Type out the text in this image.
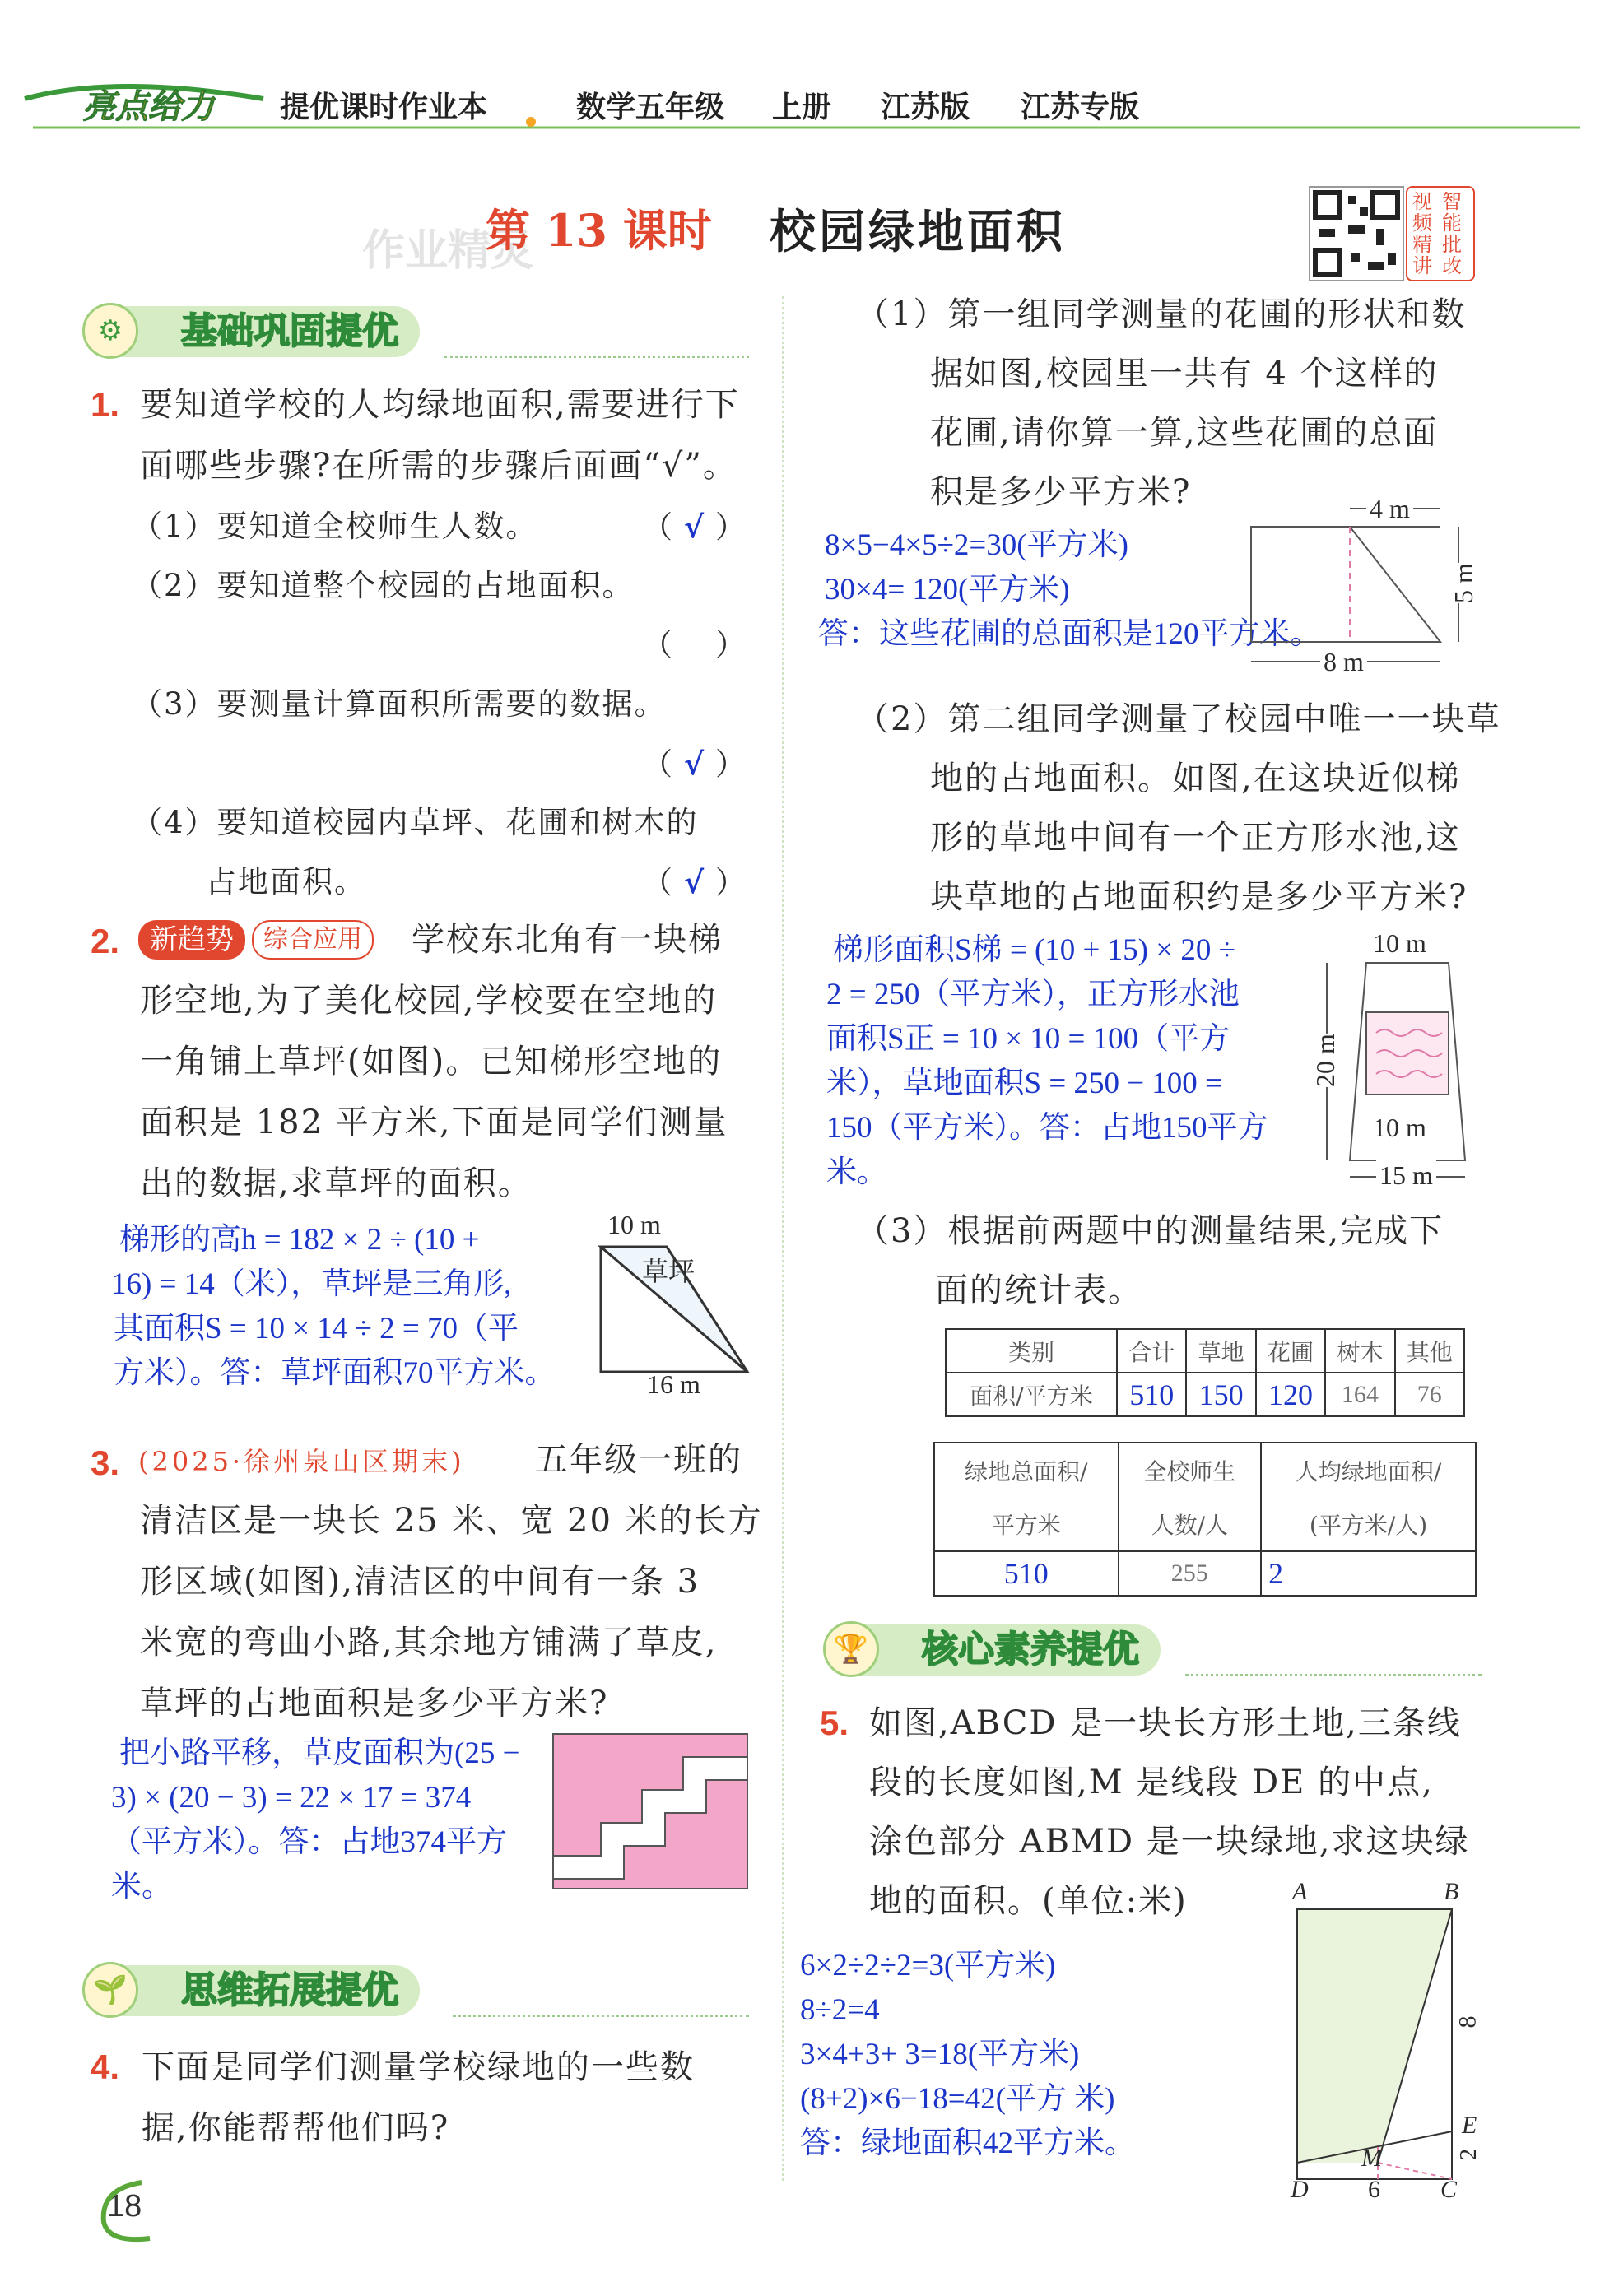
亮点给力 提优课时作业本	数学五年级 上册 江苏版 江苏专版
作业精灵
第 13 课时 校园绿地面积
视频精讲
智能批改
基础巩固提优
⚙
1. 要知道学校的人均绿地面积,需要进行下
面哪些步骤?在所需的步骤后面画“√”。
（1）要知道全校师生人数。	（ √ ）
（2）要知道整个校园的占地面积。
（ ）
（3）要测量计算面积所需要的数据。
（ √ ）
（4）要知道校园内草坪、花圃和树木的
占地面积。	（ √ ）
2.	新趋势	综合应用	学校东北角有一块梯
形空地,为了美化校园,学校要在空地的
一角铺上草坪(如图)。已知梯形空地的
面积是 182 平方米,下面是同学们测量
出的数据,求草坪的面积。
梯形的高h = 182 × 2 ÷ (10 +
16) = 14（米），草坪是三角形,
其面积S = 10 × 14 ÷ 2 = 70（平
方米）。答：草坪面积70平方米。
10 m
草坪
16 m
3. (2025·徐州泉山区期末) 五年级一班的
清洁区是一块长 25 米、宽 20 米的长方
形区域(如图),清洁区的中间有一条 3
米宽的弯曲小路,其余地方铺满了草皮,
草坪的占地面积是多少平方米?
把小路平移，草皮面积为(25 −
3) × (20 − 3) = 22 × 17 = 374
（平方米）。答：占地374平方
米。
思维拓展提优
🌱
4. 下面是同学们测量学校绿地的一些数
据,你能帮帮他们吗?
18
（1）第一组同学测量的花圃的形状和数
据如图,校园里一共有 4 个这样的
花圃,请你算一算,这些花圃的总面
积是多少平方米?
8×5−4×5÷2=30(平方米)
30×4= 120(平方米)
答：这些花圃的总面积是120平方米。
4 m
5 m
8 m
（2）第二组同学测量了校园中唯一一块草
地的占地面积。如图,在这块近似梯
形的草地中间有一个正方形水池,这
块草地的占地面积约是多少平方米?
梯形面积S梯 = (10 + 15) × 20 ÷
2 = 250（平方米），正方形水池
面积S正 = 10 × 10 = 100（平方
米），草地面积S = 250 − 100 =
150（平方米）。答：占地150平方
米。
10 m
20 m
10 m
15 m
（3）根据前两题中的测量结果,完成下
面的统计表。
类别	合计	草地	花圃	树木	其他
面积/平方米	510	150	120	164	76
绿地总面积/	全校师生	人均绿地面积/
平方米	人数/人	(平方米/人)
510	255	2
核心素养提优
🏆
5. 如图,ABCD 是一块长方形土地,三条线
段的长度如图,M 是线段 DE 的中点,
涂色部分 ABMD 是一块绿地,求这块绿
地的面积。(单位:米)
6×2÷2÷2=3(平方米)
8÷2=4
3×4+3+ 3=18(平方米)
(8+2)×6−18=42(平方 米)
答：绿地面积42平方米。
A	B
D	C
E
M
8
2
6
